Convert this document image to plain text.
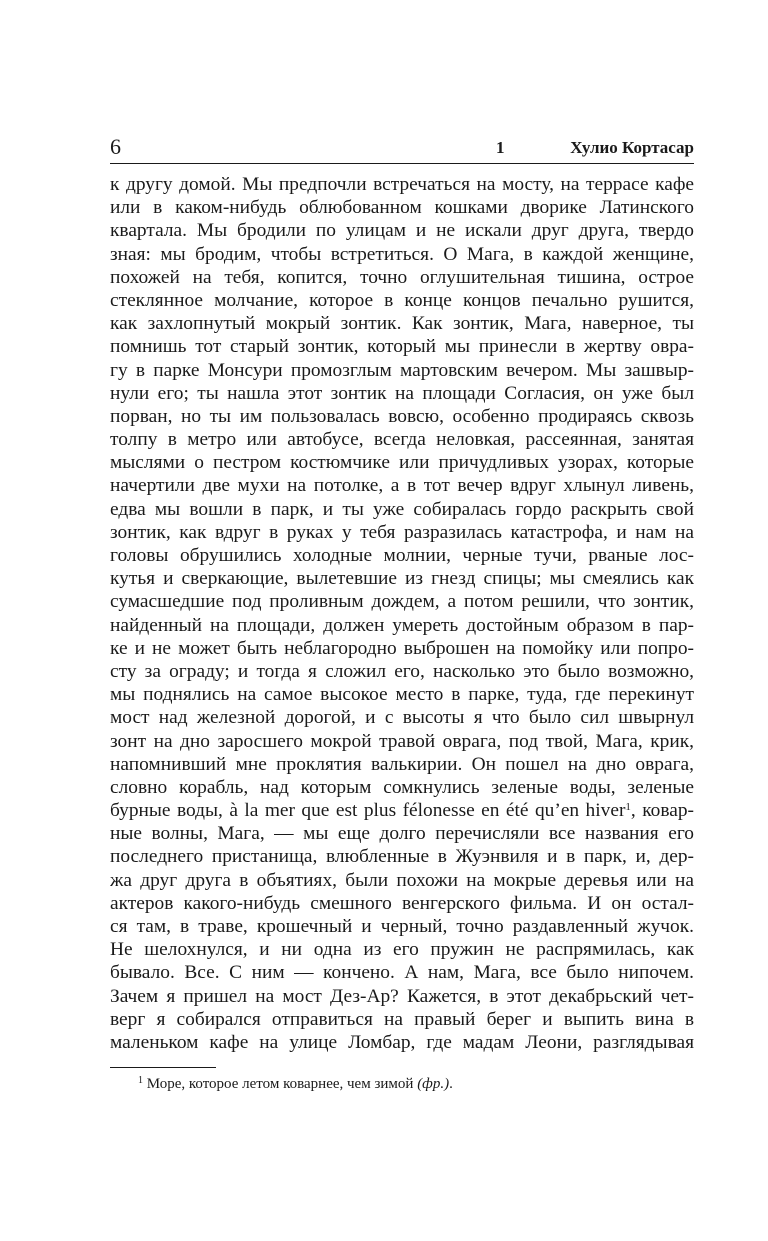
6	1	Хулио Кортасар
к другу домой. Мы предпочли встречаться на мосту, на террасе кафе
или в каком-нибудь облюбованном кошками дворике Латинского
квартала. Мы бродили по улицам и не искали друг друга, твердо
зная: мы бродим, чтобы встретиться. О Мага, в каждой женщине,
похожей на тебя, копится, точно оглушительная тишина, острое
стеклянное молчание, которое в конце концов печально рушится,
как захлопнутый мокрый зонтик. Как зонтик, Мага, наверное, ты
помнишь тот старый зонтик, который мы принесли в жертву овра-
гу в парке Монсури промозглым мартовским вечером. Мы зашвыр-
нули его; ты нашла этот зонтик на площади Согласия, он уже был
порван, но ты им пользовалась вовсю, особенно продираясь сквозь
толпу в метро или автобусе, всегда неловкая, рассеянная, занятая
мыслями о пестром костюмчике или причудливых узорах, которые
начертили две мухи на потолке, а в тот вечер вдруг хлынул ливень,
едва мы вошли в парк, и ты уже собиралась гордо раскрыть свой
зонтик, как вдруг в руках у тебя разразилась катастрофа, и нам на
головы обрушились холодные молнии, черные тучи, рваные лос-
кутья и сверкающие, вылетевшие из гнезд спицы; мы смеялись как
сумасшедшие под проливным дождем, а потом решили, что зонтик,
найденный на площади, должен умереть достойным образом в пар-
ке и не может быть неблагородно выброшен на помойку или попро-
сту за ограду; и тогда я сложил его, насколько это было возможно,
мы поднялись на самое высокое место в парке, туда, где перекинут
мост над железной дорогой, и с высоты я что было сил швырнул
зонт на дно заросшего мокрой травой оврага, под твой, Мага, крик,
напомнивший мне проклятия валькирии. Он пошел на дно оврага,
словно корабль, над которым сомкнулись зеленые воды, зеленые
бурные воды, à la mer que est plus félonesse en été qu’en hiver$^1$, ковар-
ные волны, Мага, — мы еще долго перечисляли все названия его
последнего пристанища, влюбленные в Жуэнвиля и в парк, и, дер-
жа друг друга в объятиях, были похожи на мокрые деревья или на
актеров какого-нибудь смешного венгерского фильма. И он остал-
ся там, в траве, крошечный и черный, точно раздавленный жучок.
Не шелохнулся, и ни одна из его пружин не распрямилась, как
бывало. Все. С ним — кончено. А нам, Мага, все было нипочем.
Зачем я пришел на мост Дез-Ар? Кажется, в этот декабрьский чет-
верг я собирался отправиться на правый берег и выпить вина в
маленьком кафе на улице Ломбар, где мадам Леони, разглядывая
$^1$ Море, которое летом коварнее, чем зимой (фр.).
